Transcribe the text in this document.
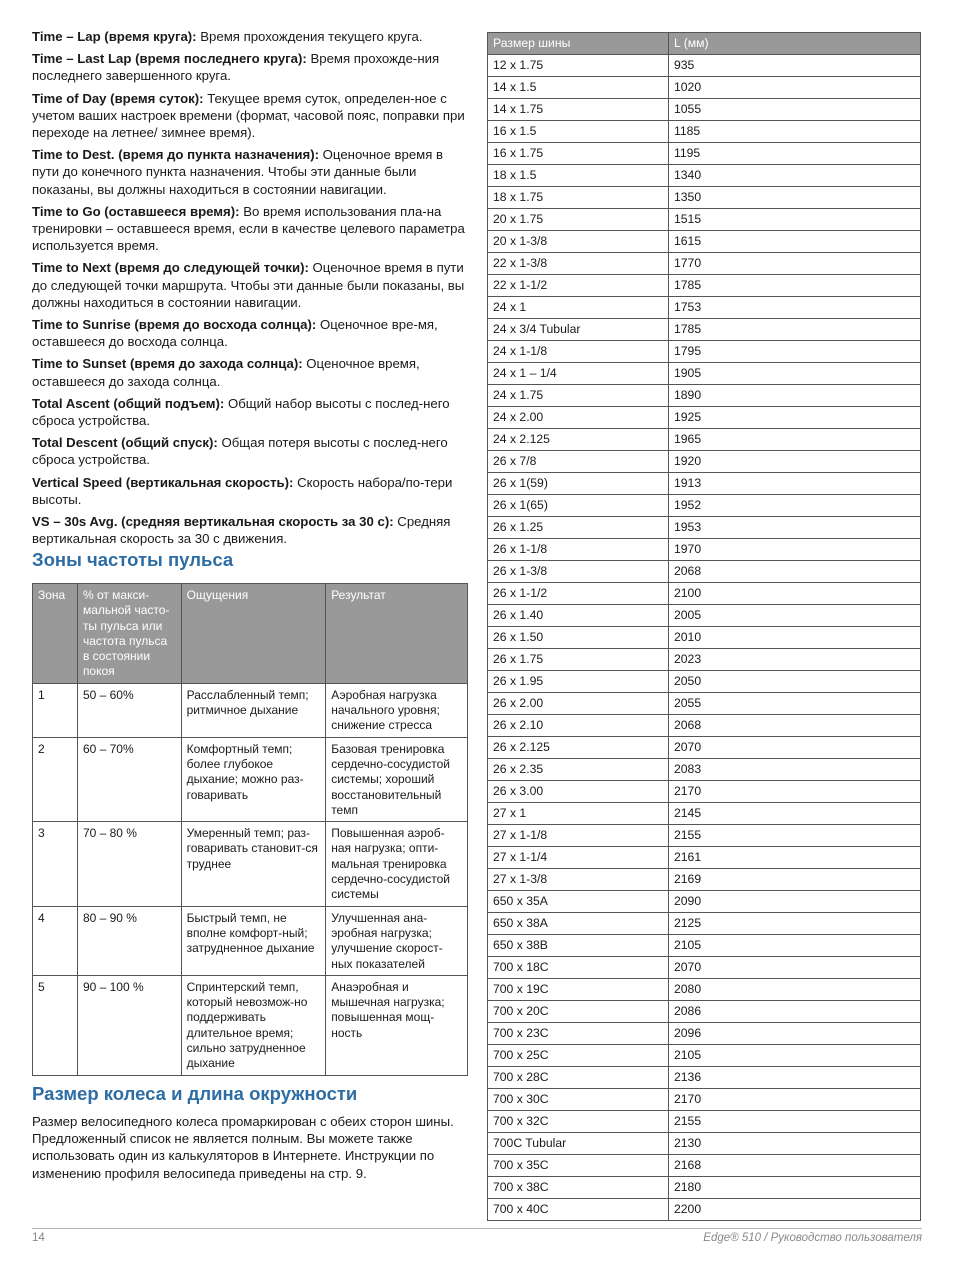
Time – Lap (время круга): Время прохождения текущего круга.

Time – Last Lap (время последнего круга): Время прохожде-ния последнего завершенного круга.

Time of Day (время суток): Текущее время суток, определен-ное с учетом ваших настроек времени (формат, часовой пояс, поправки при переходе на летнее/ зимнее время).

Time to Dest. (время до пункта назначения): Оценочное время в пути до конечного пункта назначения. Чтобы эти данные были показаны, вы должны находиться в состоянии навигации.

Time to Go (оставшееся время): Во время использования пла-на тренировки – оставшееся время, если в качестве целевого параметра используется время.

Time to Next (время до следующей точки): Оценочное время в пути до следующей точки маршрута. Чтобы эти данные были показаны, вы должны находиться в состоянии навигации.

Time to Sunrise (время до восхода солнца): Оценочное вре-мя, оставшееся до восхода солнца.

Time to Sunset (время до захода солнца): Оценочное время, оставшееся до захода солнца.

Total Ascent (общий подъем): Общий набор высоты с послед-него сброса устройства.

Total Descent (общий спуск): Общая потеря высоты с послед-него сброса устройства.

Vertical Speed (вертикальная скорость): Скорость набора/по-тери высоты.

VS – 30s Avg. (средняя вертикальная скорость за 30 с): Средняя вертикальная скорость за 30 с движения.

Зоны частоты пульса
Зона	% от макси-мальной часто-ты пульса или частота пульса в состоянии покоя	Ощущения	Результат
1	50 – 60%	Расслабленный темп; ритмичное дыхание	Аэробная нагрузка начального уровня; снижение стресса
2	60 – 70%	Комфортный темп; более глубокое дыхание; можно раз-говаривать	Базовая тренировка сердечно-сосудистой системы; хороший восстановительный темп
3	70 – 80 %	Умеренный темп; раз-говаривать становит-ся труднее	Повышенная аэроб-ная нагрузка; опти-мальная тренировка сердечно-сосудистой системы
4	80 – 90 %	Быстрый темп, не вполне комфорт-ный; затрудненное дыхание	Улучшенная ана-эробная нагрузка; улучшение скорост-ных показателей
5	90 – 100 %	Спринтерский темп, который невозмож-но поддерживать длительное время; сильно затрудненное дыхание	Анаэробная и мышечная нагрузка; повышенная мощ-ность
Размер колеса и длина окружности

Размер велосипедного колеса промаркирован с обеих сторон шины. Предложенный список не является полным. Вы можете также использовать один из калькуляторов в Интернете. Инструкции по изменению профиля велосипеда приведены на стр. 9.

Размер шины	L (мм)
12 x 1.75	935
14 x 1.5	1020
14 x 1.75	1055
16 x 1.5	1185
16 x 1.75	1195
18 x 1.5	1340
18 x 1.75	1350
20 x 1.75	1515
20 x 1-3/8	1615
22 x 1-3/8	1770
22 x 1-1/2	1785
24 x 1	1753
24 x 3/4 Tubular	1785
24 x 1-1/8	1795
24 x 1 – 1/4	1905
24 x 1.75	1890
24 x 2.00	1925
24 x 2.125	1965
26 x 7/8	1920
26 x 1(59)	1913
26 x 1(65)	1952
26 x 1.25	1953
26 x 1-1/8	1970
26 x 1-3/8	2068
26 x 1-1/2	2100
26 x 1.40	2005
26 x 1.50	2010
26 x 1.75	2023
26 x 1.95	2050
26 x 2.00	2055
26 x 2.10	2068
26 x 2.125	2070
26 x 2.35	2083
26 x 3.00	2170
27 x 1	2145
27 x 1-1/8	2155
27 x 1-1/4	2161
27 x 1-3/8	2169
650 x 35A	2090
650 x 38A	2125
650 x 38B	2105
700 x 18C	2070
700 x 19C	2080
700 x 20C	2086
700 x 23C	2096
700 x 25C	2105
700 x 28C	2136
700 x 30C	2170
700 x 32C	2155
700C Tubular	2130
700 x 35C	2168
700 x 38C	2180
700 x 40C	2200
14	Edge® 510 / Руководство пользователя
